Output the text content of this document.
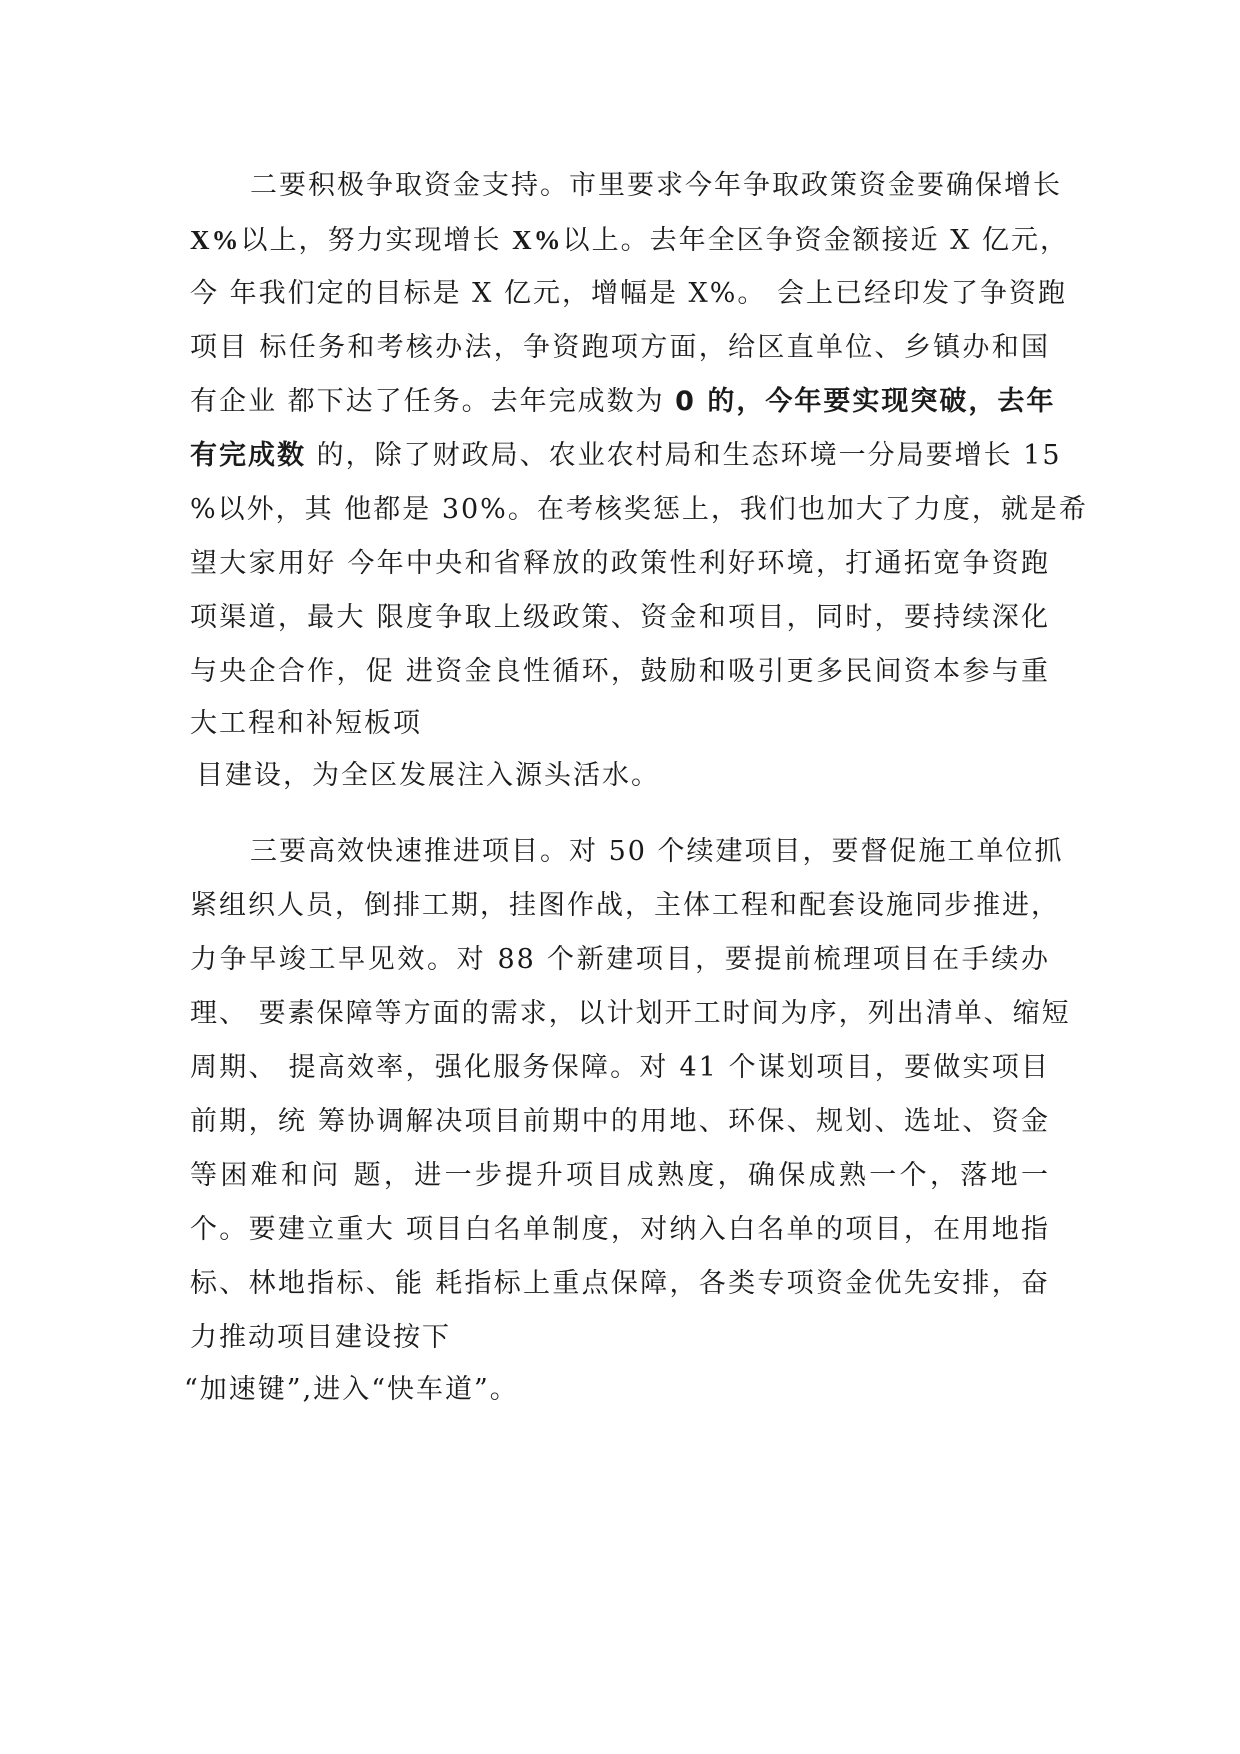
二要积极争取资金支持。市里要求今年争取政策资金要确保增长
X%以上，努力实现增长 X%以上。去年全区争资金额接近 X 亿元，
今 年我们定的目标是 X 亿元，增幅是 X%。 会上已经印发了争资跑
项目 标任务和考核办法，争资跑项方面，给区直单位、乡镇办和国
有企业 都下达了任务。去年完成数为 0 的，今年要实现突破，去年
有完成数 的，除了财政局、农业农村局和生态环境一分局要增长 15
%以外，其 他都是 30%。在考核奖惩上，我们也加大了力度，就是希
望大家用好 今年中央和省释放的政策性利好环境，打通拓宽争资跑
项渠道，最大 限度争取上级政策、资金和项目，同时，要持续深化
与央企合作，促 进资金良性循环，鼓励和吸引更多民间资本参与重
大工程和补短板项
目建设，为全区发展注入源头活水。
三要高效快速推进项目。对 50 个续建项目，要督促施工单位抓
紧组织人员，倒排工期，挂图作战，主体工程和配套设施同步推进，
力争早竣工早见效。对 88 个新建项目，要提前梳理项目在手续办
理、 要素保障等方面的需求，以计划开工时间为序，列出清单、缩短
周期、 提高效率，强化服务保障。对 41 个谋划项目，要做实项目
前期，统 筹协调解决项目前期中的用地、环保、规划、选址、资金
等困难和问 题，进一步提升项目成熟度，确保成熟一个，落地一
个。要建立重大 项目白名单制度，对纳入白名单的项目，在用地指
标、林地指标、能 耗指标上重点保障，各类专项资金优先安排，奋
力推动项目建设按下
“加速键”,进入“快车道”。
